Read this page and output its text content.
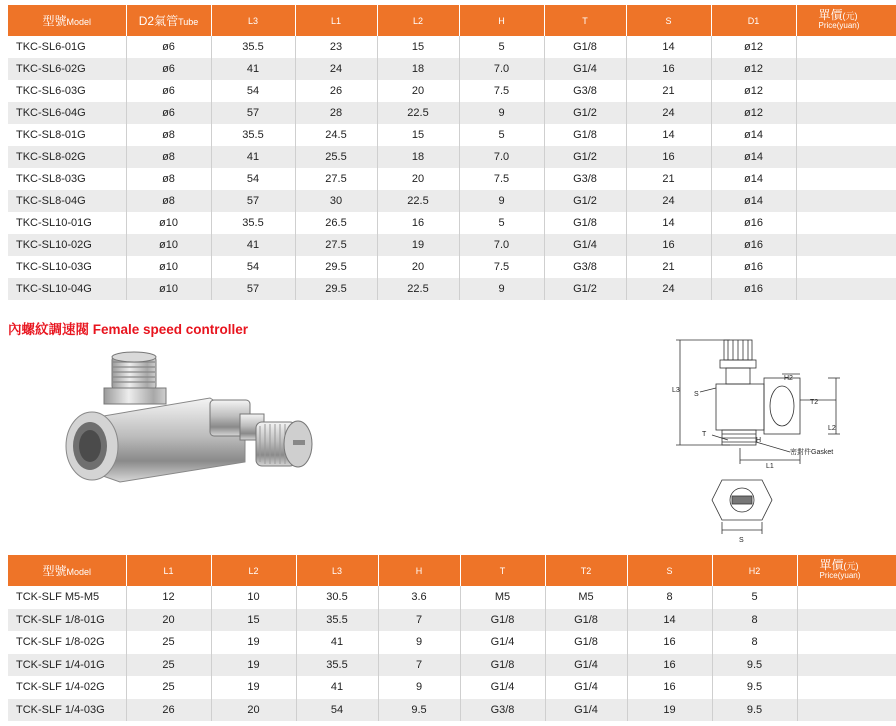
型號Model	D2氣管Tube	L3	L1	L2	H	T	S	D1	單價(元)
Price(yuan)

TKC-SL6-01G	ø6	35.5	23	15	5	G1/8	14	ø12	
TKC-SL6-02G	ø6	41	24	18	7.0	G1/4	16	ø12	
TKC-SL6-03G	ø6	54	26	20	7.5	G3/8	21	ø12	
TKC-SL6-04G	ø6	57	28	22.5	9	G1/2	24	ø12	
TKC-SL8-01G	ø8	35.5	24.5	15	5	G1/8	14	ø14	
TKC-SL8-02G	ø8	41	25.5	18	7.0	G1/2	16	ø14	
TKC-SL8-03G	ø8	54	27.5	20	7.5	G3/8	21	ø14	
TKC-SL8-04G	ø8	57	30	22.5	9	G1/2	24	ø14	
TKC-SL10-01G	ø10	35.5	26.5	16	5	G1/8	14	ø16	
TKC-SL10-02G	ø10	41	27.5	19	7.0	G1/4	16	ø16	
TKC-SL10-03G	ø10	54	29.5	20	7.5	G3/8	21	ø16	
TKC-SL10-04G	ø10	57	29.5	22.5	9	G1/2	24	ø16	
內螺紋調速閥 Female speed controller
L3
S
H2
T2
L2
T
H
密封件Gasket
L1
S
型號Model	L1	L2	L3	H	T	T2	S	H2	單價(元)
Price(yuan)

TCK-SLF M5-M5	12	10	30.5	3.6	M5	M5	8	5	
TCK-SLF 1/8-01G	20	15	35.5	7	G1/8	G1/8	14	8	
TCK-SLF 1/8-02G	25	19	41	9	G1/4	G1/8	16	8	
TCK-SLF 1/4-01G	25	19	35.5	7	G1/8	G1/4	16	9.5	
TCK-SLF 1/4-02G	25	19	41	9	G1/4	G1/4	16	9.5	
TCK-SLF 1/4-03G	26	20	54	9.5	G3/8	G1/4	19	9.5	
